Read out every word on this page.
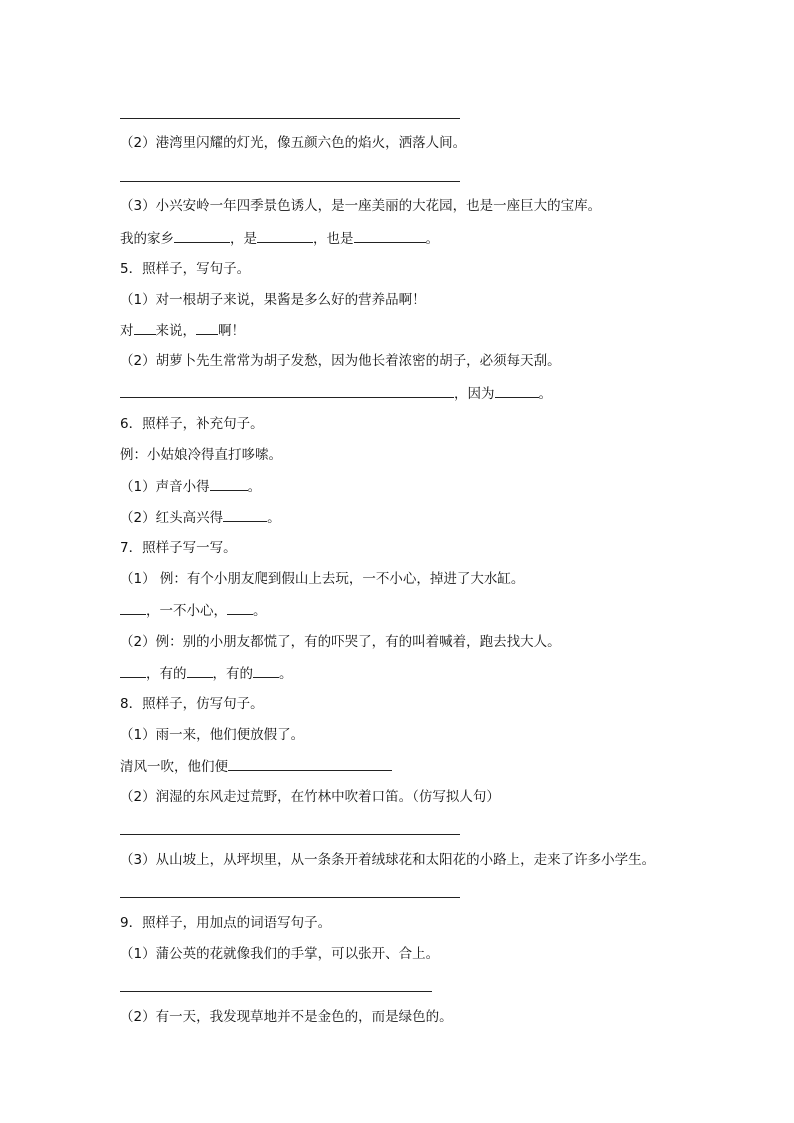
（2）港湾里闪耀的灯光，像五颜六色的焰火，洒落人间。
（3）小兴安岭一年四季景色诱人，是一座美丽的大花园，也是一座巨大的宝库。
我的家乡	，是	，也是	。
5．照样子，写句子。
（1）对一根胡子来说，果酱是多么好的营养品啊！
对 来说， 啊！
（2）胡萝卜先生常常为胡子发愁，因为他长着浓密的胡子，必须每天刮。
，因为	。
6．照样子，补充句子。
例：小姑娘冷得直打哆嗦。
（1）声音小得	。
（2）红头高兴得	。
7．照样子写一写。
（1） 例：有个小朋友爬到假山上去玩，一不小心，掉进了大水缸。
，一不小心， 。
（2）例：别的小朋友都慌了，有的吓哭了，有的叫着喊着，跑去找大人。
，有的 ，有的 。
8．照样子，仿写句子。
（1）雨一来，他们便放假了。
清风一吹，他们便
（2）润湿的东风走过荒野，在竹林中吹着口笛。（仿写拟人句）
（3）从山坡上，从坪坝里，从一条条开着绒球花和太阳花的小路上，走来了许多小学生。
9．照样子，用加点的词语写句子。
（1）蒲公英的花就像我们的手掌，可以张开、合上。
（2）有一天，我发现草地并不是金色的，而是绿色的。
